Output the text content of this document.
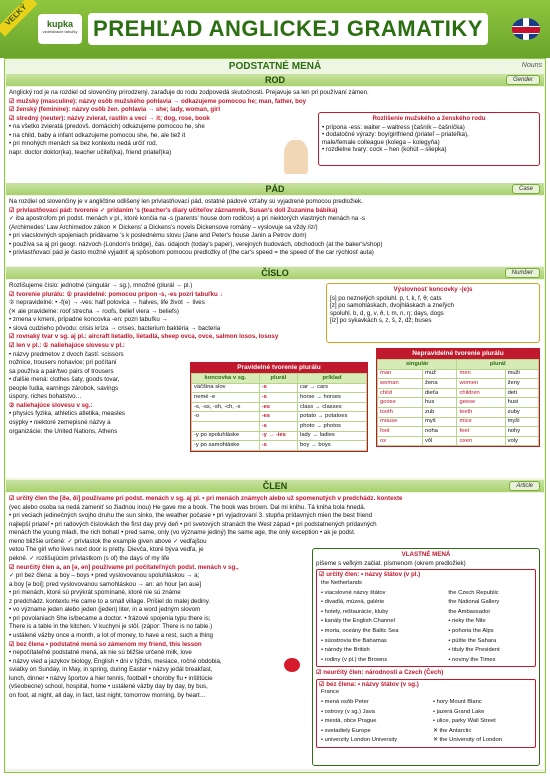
VEĽKÝ	kupka
vzdelávacie tabuľky PREHĽAD ANGLICKEJ GRAMATIKY
PODSTATNÉ MENÁ	Nouns
ROD	Gender

Anglický rod je na rozdiel od slovenčiny prirodzený, zarađuje do rodu zodpovedá skutočnosti. Prejavuje sa len pri používaní zámen.

☑ mužský (masculine): názvy osôb mužského pohlavia → odkazujeme pomocou he; man, father, boy

☑ ženský (feminine): názvy osôb žen. pohlavia → she; lady, woman, girl

☑ stredný (neuter): názvy zvierat, rastlín a vecí → it; dog, rose, book

• na všetko zvieratá (predovš. domácich) odkazujeme pomocou he, she

• na child, baby a infant odkazujeme pomocou she, he, ale tiež it

• pri mnohých menách sa bez kontextu nedá určiť rod,

napr. doctor doktor(ka), teacher učiteľ(ka), friend priateľ(ka)

Rozlišenie mužského a ženského rodu

• prípona -ess: waiter – waitress (čašník – čašníčka)

• dodatočné výrazy: boy/girlfriend (priateľ – priateľka),

male/female colleague (kolega – kolegyňa)

• rozdielne tvary: cock – hen (kohút – sliepka)

PÁD	Case

Na rozdiel od slovenčiny je v angličtine odlišený len privlastňovací pád, ostatné pádové vzťahy sú vyjadrené pomocou predložiek.

☑ privlastňovací pád: tvorenie ✓ pridaním 's (teacher's diary učiteľov záznamník, Susan's doll Zuzanina bábika)

✓ iba apostrofom pri podst. menách v pl., ktoré končia na -s (parents' house dom rodičov) a pri niektorých vlastných menách na -s

(Archimedes' Law Archimedov zákon ✕ Dickens' a Dickens's novels Dickensove romány – vyslovuje sa vždy /iz/)

• pri viacslovných spojeniach pridávame 's k poslednému slovu (Jane and Peter's house Janin a Petrov dom)

• používa sa aj pri geogr. názvoch (London's bridge), čas. údajoch (today's paper), verejných budovách, obchodoch (at the baker's/shop)

• privlastňovací pád je často možné vyjadriť aj spôsobom pomocou predložky of (the car's speed = the speed of the car rýchlosť auta)

ČÍSLO	Number

Rozlišujeme číslo: jednotné (singulár → sg.), množné (plurál → pl.)

☑ tvorenie plurálu: ① pravidelné: pomocou prípon -s, -es pozri tabuľku ↓

② nepravidelné: • -f(e) → -ves: half polovica → halves, life život → lives

(✕ ale pravidelne: roof strecha → roofs, belief viera → beliefs)

• zmena v kmeni, prípadne koncovka -en: pozri tabuľku →

• slová cudzieho pôvodu: crisis kríza → crises, bacterium baktéria → bacteria

☑ rovnaký tvar v sg. aj pl.: aircraft lietadlo, lietadlá, sheep ovca, ovce, salmon losos, lososy

☑ len v pl.: ① naliehajúce slovesu v pl.:

• názvy predmetov z dvoch častí: scissors

nožnice, trousers nohavice; pri počítaní

sa používa a pair/two pairs of trousers

• ďalšie mená: clothes šaty, goods tovar,

people ľudia, earnings zárobok, savings

úspory, riches bohatstvo…

② naliehajúce slovesu v sg.:

• physics fyzika, athletics atletika, measles

osýpky • niektoré zemepisné názvy a

organizácie: the United Nations, Athens

Výslovnosť koncovky -(e)s

[s] po neznelých spoluhl. p, t, k, f, θ; cats

[z] po samohláskach, dvojhláskach a zneľých

spoluhl. b, d, g, v, ð, l, m, n, ŋ; days, dogs

[iz] po sykavkách s, z, š, ž, dž; buses

Pravidelné tvorenie plurálu
koncovka v sg.	plurál	príklad
väčšina slov	-s	car → cars
nemé -e	-s	horse → horses
-s, -ss, -sh, -ch, -x	-es	class → classes
-o	-es	potato → potatoes
	-s	photo → photos
-y po spoluhláske	-y → -ies	lady → ladies
-y po samohláske	-s	boy → boys
Nepravidelné tvorenie plurálu
singulár		plurál	
man	muž	men	muži
woman	žena	women	ženy
child	dieťa	children	deti
goose	hus	geese	husi
tooth	zub	teeth	zuby
mouse	myš	mice	myši
foot	noha	feet	nohy
ox	vôl	oxen	voly
ČLEN	Article

☑ určitý člen the [ðə, ði] používame pri podst. menách v sg. aj pl. • pri menách známych alebo už spomenutých v predchádz. kontexte

(vec alebo osoba sa nedá zameniť so žiadnou inou) He gave me a book. The book was brown. Dal mi knihu. Tá kniha bola hnedá.

• pri veciach jedinečných svojho druhu the sun slnko, the weather počasie • pri vyjadrovaní 3. stupňa prídavných mien the best friend

najlepší priateľ • pri radových číslovkách the first day prvý deň • pri svetových stranách the West západ • pri podstatnených prídavných

menách the young mladí, the rich bohatí • pred same, only (vo význame jediný) the same age, the only exception • ak je podst.

meno bližšie určené: ✓ prívlastok the example given above ✓ vedľajšou

vetou The girl who lives next door is pretty. Dievča, ktoré býva vedľa, je

pekné. ✓ rozlišujúcim prívlastkom (s of) the days of my life

☑ neurčitý člen a, an [ə, ən] používame pri počítateľných podst. menách v sg.,

✓ pri bez člena: a boy – boys • pred vyslovovanou spoluhláskou → a;

a boy [ə boi]; pred vyslovovanou samohláskou → an: an hour [ən auə]

• pri menách, ktoré sú prvýkrát spomínané, ktoré nie sú známe

z predchádz. kontextu He came to a small village. Prišiel do malej dediny.

• vo význame jeden alebo jeden (jeden) liter, in a word jedným slovom

• pri povolaniach She is/became a doctor. • frázové spojenia typu there is;

There is a table in the kitchen. V kuchyni je stôl. (zápor: There is no table.)

• ustálené väzby once a month, a lot of money, to have a rest, such a thing

☑ bez člena • podstatné mená so zámenom my friend, this lesson

• nepočítateľné podstatné mená, ak nie sú bližšie určené milk, love

• názvy vied a jazykov biology, English • dni v týždni, mesiace, ročné obdobia,

sviatky on Sunday, in May, in spring, during Easter • názvy jedál breakfast,

lunch, dinner • názvy športov a hier tennis, football • choroby flu • inštitúcie

(všeobecne) school, hospital, home • ustálené väzby day by day, by bus,

on foot, at night, all day, in fact, last night, tomorrow morning, by heart…

VLASTNÉ MENÁ

píšeme s veľkým začiat. písmenom (okrem predložiek)

☑ určitý člen: • názvy štátov (v pl.)

the Netherlands	
• viacslovné názvy štátov	the Czech Republic
• divadlá, múzeá, galérie	the National Gallery
• hotely, reštaurácie, kluby	the Ambassador
• kanály the English Channel	• rieky the Nile
• moria, oceány the Baltic Sea	• pohoria the Alps
• súostrovia the Bahamas	• púšte the Sahara
• národy the British	• tituly the President
• rodiny (v pl.) the Browns	• noviny the Times

☑ neurčitý člen: národnosti a Czech (Čech)

☑ bez člena: • názvy štátov (v sg.)

France	
• mená osôb Peter	• hory Mount Blanc
• ostrovy (v sg.) Java	• jazerá Grand Lake
• mestá, obce Prague	• ulice, parky Wall Street
• svetadiely Europe	✕ the Antarctic
• univerzity London University	✕ the University of London
